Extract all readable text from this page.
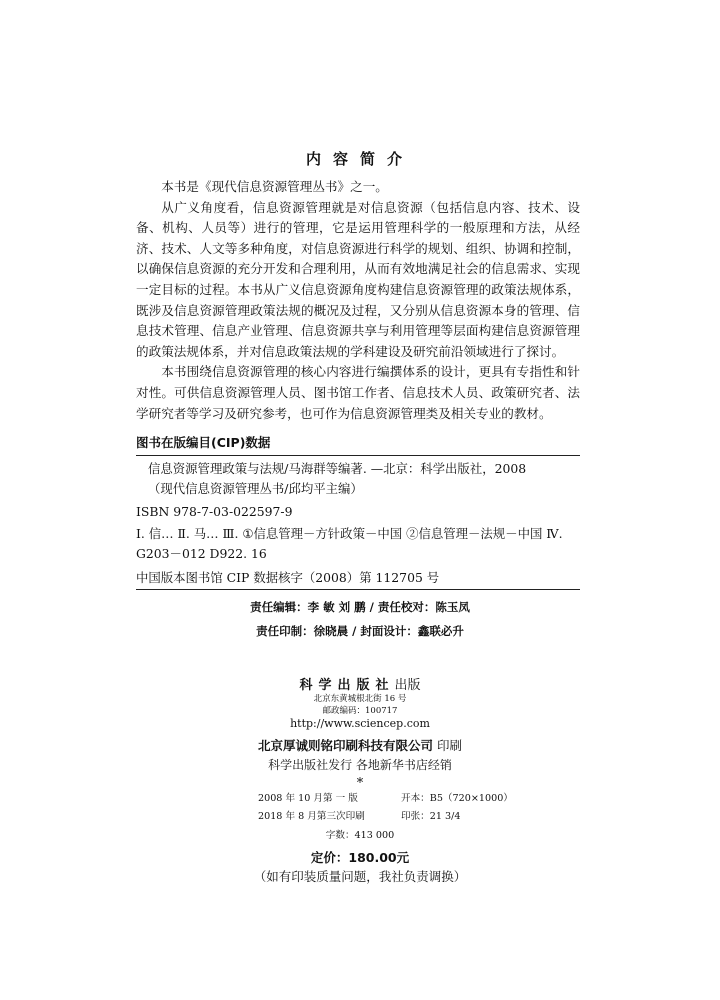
内容简介

本书是《现代信息资源管理丛书》之一。

从广义角度看，信息资源管理就是对信息资源（包括信息内容、技术、设备、机构、人员等）进行的管理，它是运用管理科学的一般原理和方法，从经济、技术、人文等多种角度，对信息资源进行科学的规划、组织、协调和控制，以确保信息资源的充分开发和合理利用，从而有效地满足社会的信息需求、实现一定目标的过程。本书从广义信息资源角度构建信息资源管理的政策法规体系，既涉及信息资源管理政策法规的概况及过程，又分别从信息资源本身的管理、信息技术管理、信息产业管理、信息资源共享与利用管理等层面构建信息资源管理的政策法规体系，并对信息政策法规的学科建设及研究前沿领域进行了探讨。

本书围绕信息资源管理的核心内容进行编撰体系的设计，更具有专指性和针对性。可供信息资源管理人员、图书馆工作者、信息技术人员、政策研究者、法学研究者等学习及研究参考，也可作为信息资源管理类及相关专业的教材。

图书在版编目(CIP)数据
信息资源管理政策与法规/马海群等编著. —北京：科学出版社，2008
（现代信息资源管理丛书/邱均平主编）
ISBN 978-7-03-022597-9
Ⅰ. 信… Ⅱ. 马… Ⅲ. ①信息管理－方针政策－中国 ②信息管理－法规－中国 Ⅳ. G203－012 D922. 16
中国版本图书馆 CIP 数据核字（2008）第 112705 号
责任编辑：李 敏 刘 鹏 / 责任校对：陈玉凤
责任印制：徐晓晨 / 封面设计：鑫联必升
科学出版社出版
北京东黄城根北街 16 号
邮政编码：100717
http://www.sciencep.com
北京厚诚则铭印刷科技有限公司 印刷
科学出版社发行 各地新华书店经销
*
2008 年 10 月第 一 版	开本：B5（720×1000）
2018 年 8 月第三次印刷	印张：21 3/4
字数：413 000
定价：180.00元
（如有印装质量问题，我社负责调换）
